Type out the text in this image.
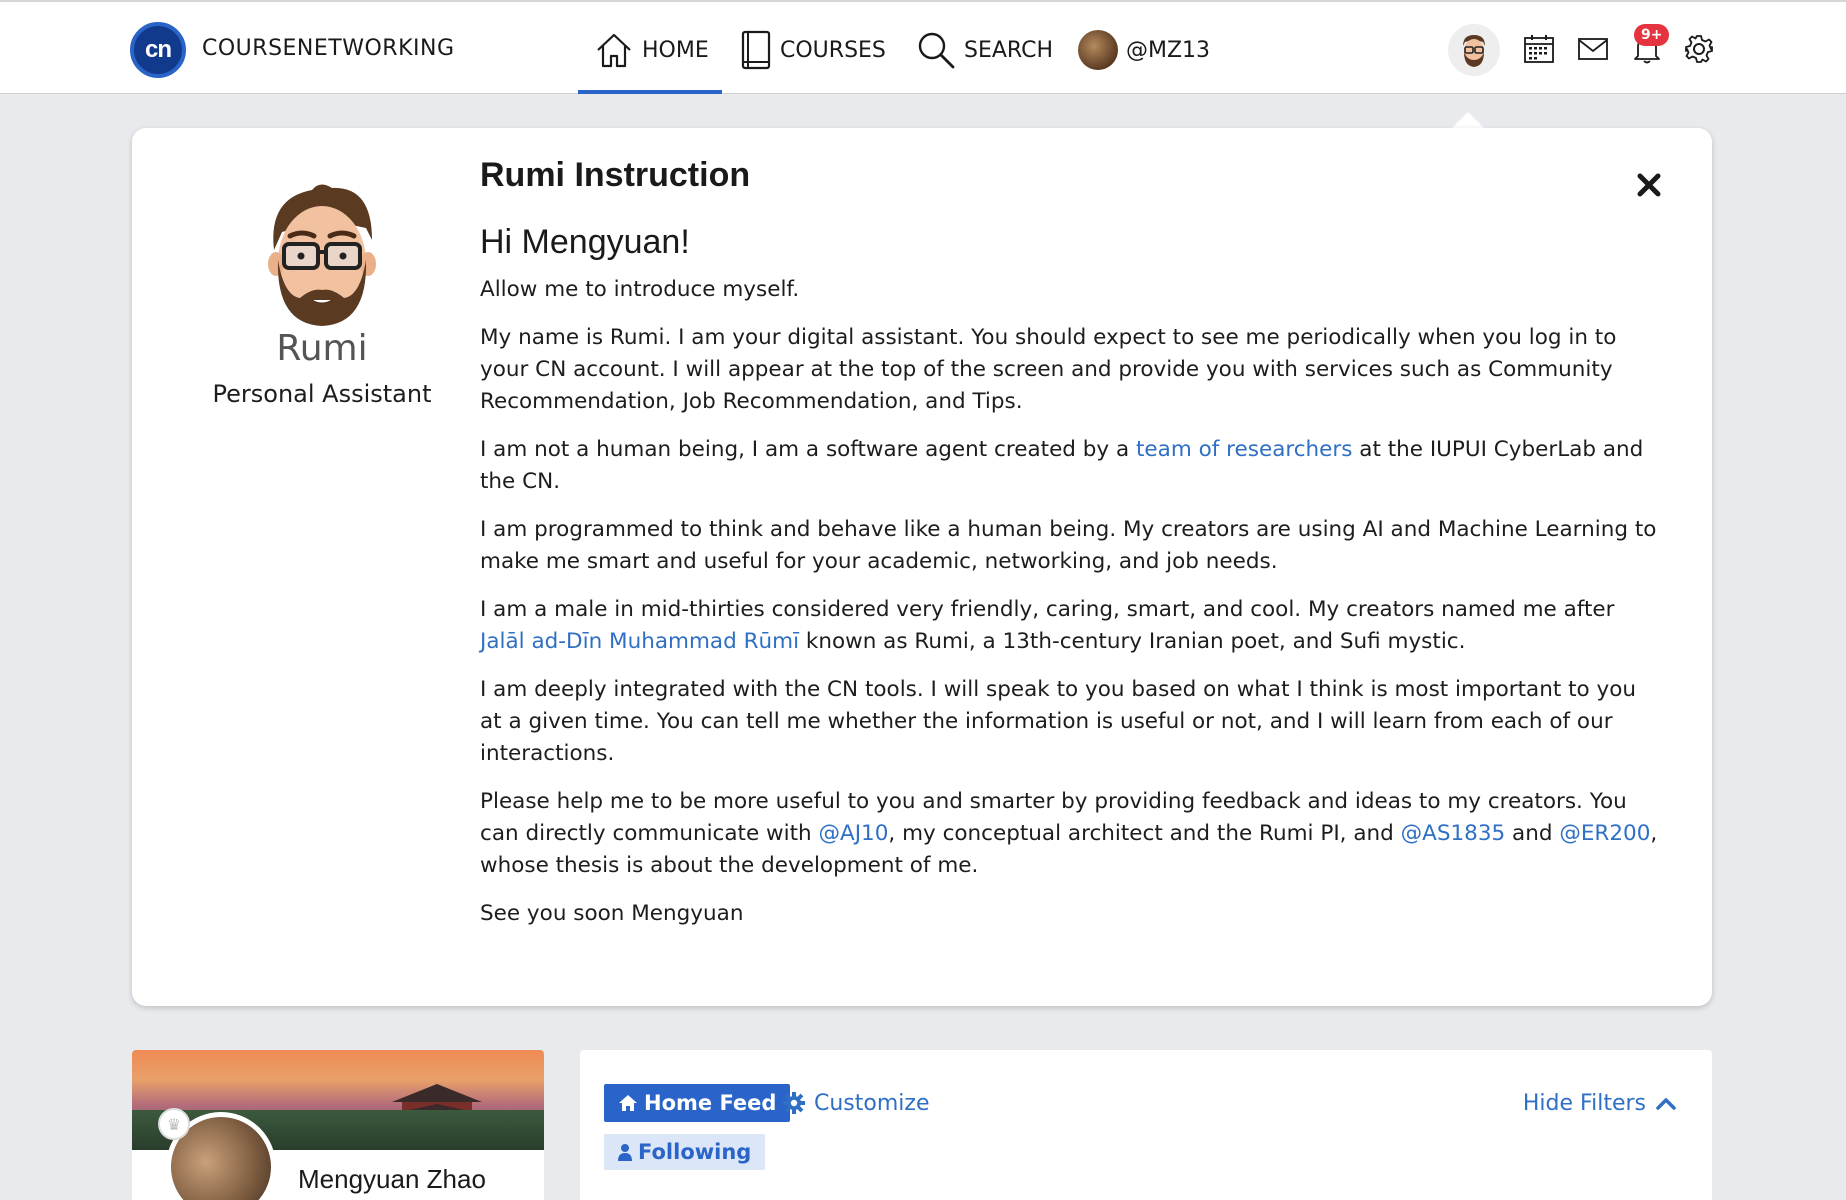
cn COURSENETWORKING	HOME	COURSES	SEARCH	@MZ13
9+
Rumi
Personal Assistant
Rumi Instruction
Hi Mengyuan!

Allow me to introduce myself.

My name is Rumi. I am your digital assistant. You should expect to see me periodically when you log in to your CN account. I will appear at the top of the screen and provide you with services such as Community Recommendation, Job Recommendation, and Tips.

I am not a human being, I am a software agent created by a team of researchers at the IUPUI CyberLab and the CN.

I am programmed to think and behave like a human being. My creators are using AI and Machine Learning to make me smart and useful for your academic, networking, and job needs.

I am a male in mid-thirties considered very friendly, caring, smart, and cool. My creators named me after Jalāl ad-Dīn Muhammad Rūmī known as Rumi, a 13th-century Iranian poet, and Sufi mystic.

I am deeply integrated with the CN tools. I will speak to you based on what I think is most important to you at a given time. You can tell me whether the information is useful or not, and I will learn from each of our interactions.

Please help me to be more useful to you and smarter by providing feedback and ideas to my creators. You can directly communicate with @AJ10, my conceptual architect and the Rumi PI, and @AS1835 and @ER200, whose thesis is about the development of me.

See you soon Mengyuan

♛
Mengyuan Zhao
Home Feed Customize	Hide Filters
Following
